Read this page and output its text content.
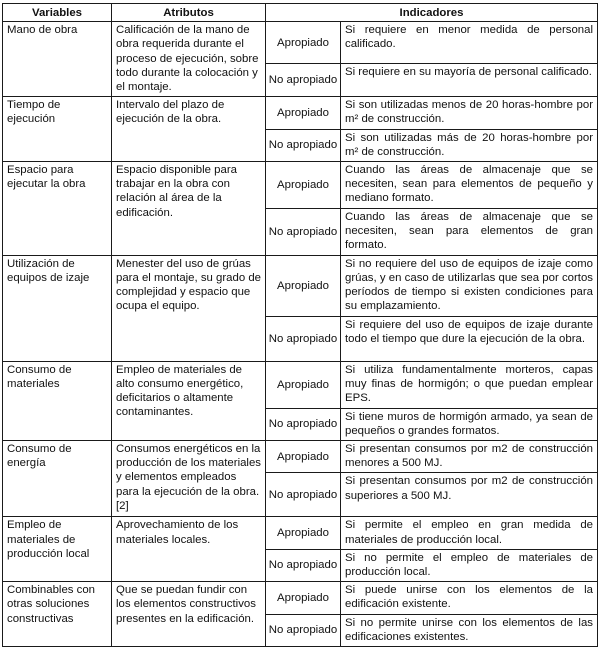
Variables	Atributos	Indicadores	
Mano de obra	Calificación de la mano de obra requerida durante el proceso de ejecución, sobre todo durante la colocación y el montaje.	Apropiado	Si requiere en menor medida de personal calificado.
		No apropiado	Si requiere en su mayoría de personal calificado.
Tiempo de ejecución	Intervalo del plazo de ejecución de la obra.	Apropiado	Si son utilizadas menos de 20 horas-hombre por m² de construcción.
		No apropiado	Si son utilizadas más de 20 horas-hombre por m² de construcción.
Espacio para ejecutar la obra	Espacio disponible para trabajar en la obra con relación al área de la edificación.	Apropiado	Cuando las áreas de almacenaje que se necesiten, sean para elementos de pequeño y mediano formato.
		No apropiado	Cuando las áreas de almacenaje que se necesiten, sean para elementos de gran formato.
Utilización de equipos de izaje	Menester del uso de grúas para el montaje, su grado de complejidad y espacio que ocupa el equipo.	Apropiado	Si no requiere del uso de equipos de izaje como grúas, y en caso de utilizarlas que sea por cortos períodos de tiempo si existen condiciones para su emplazamiento.
		No apropiado	Si requiere del uso de equipos de izaje durante todo el tiempo que dure la ejecución de la obra.
Consumo de materiales	Empleo de materiales de alto consumo energético, deficitarios o altamente contaminantes.	Apropiado	Si utiliza fundamentalmente morteros, capas muy finas de hormigón; o que puedan emplear EPS.
		No apropiado	Si tiene muros de hormigón armado, ya sean de pequeños o grandes formatos.
Consumo de energía	Consumos energéticos en la producción de los materiales y elementos empleados para la ejecución de la obra. [2]	Apropiado	Si presentan consumos por m2 de construcción menores a 500 MJ.
		No apropiado	Si presentan consumos por m2 de construcción superiores a 500 MJ.
Empleo de materiales de producción local	Aprovechamiento de los materiales locales.	Apropiado	Si permite el empleo en gran medida de materiales de producción local.
		No apropiado	Si no permite el empleo de materiales de producción local.
Combinables con otras soluciones constructivas	Que se puedan fundir con los elementos constructivos presentes en la edificación.	Apropiado	Si puede unirse con los elementos de la edificación existente.
		No apropiado	Si no permite unirse con los elementos de las edificaciones existentes.
